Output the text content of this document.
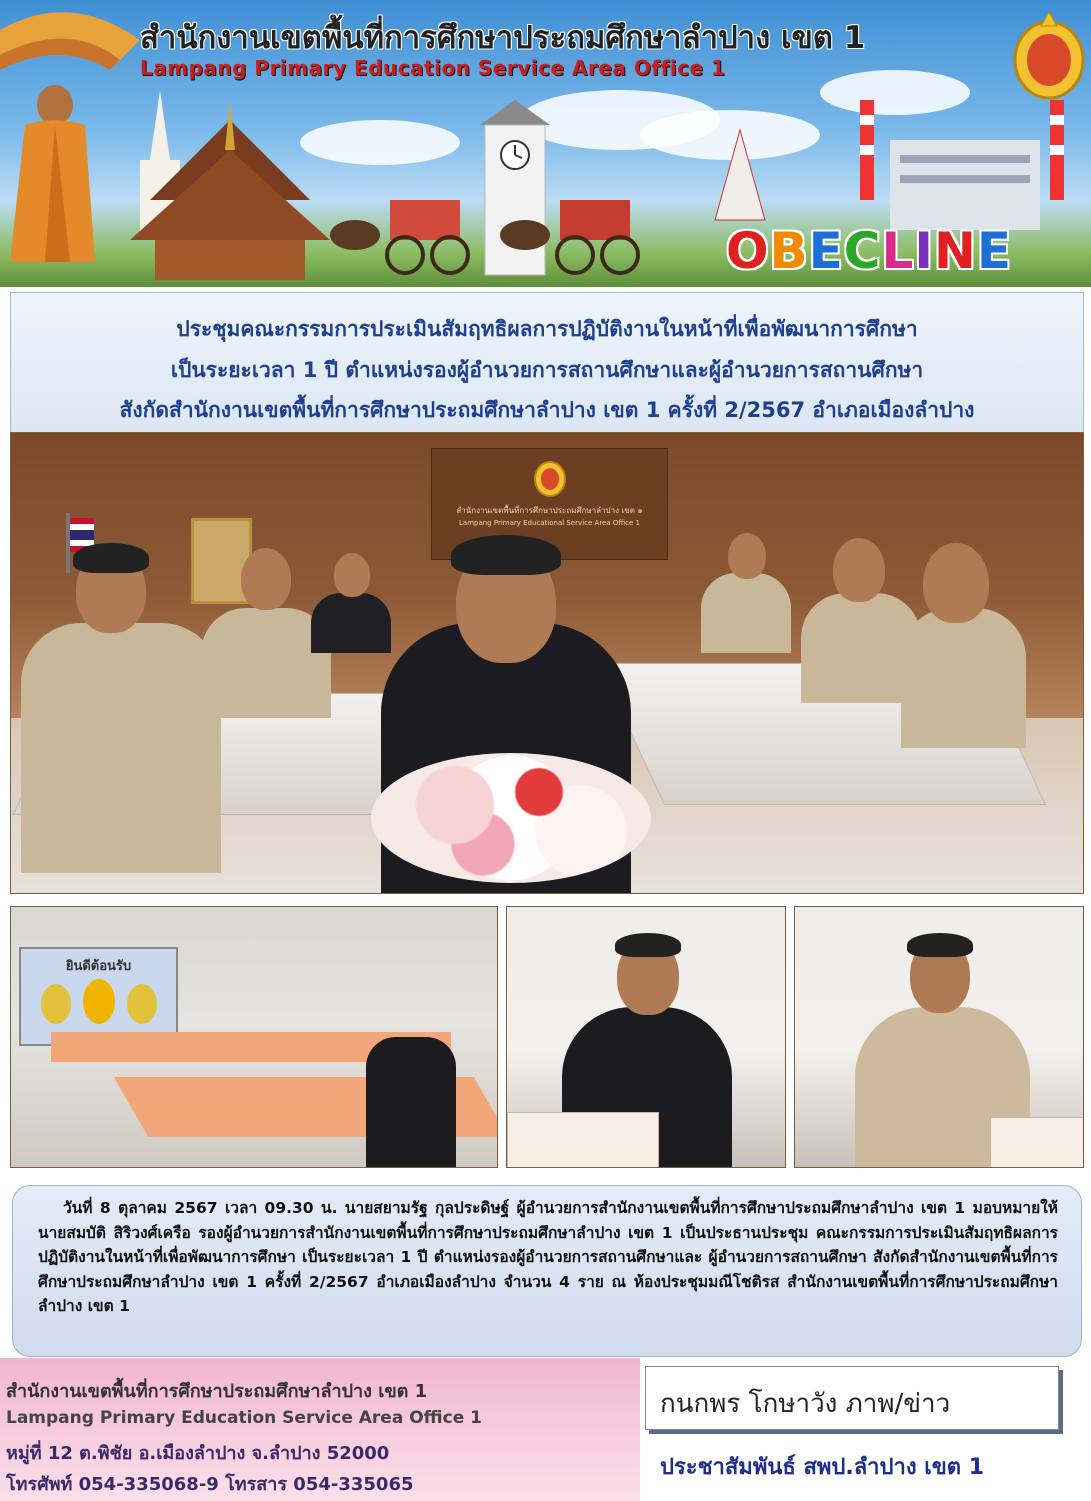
สำนักงานเขตพื้นที่การศึกษาประถมศึกษาลำปาง เขต 1
Lampang Primary Education Service Area Office 1
OBECLINE
ประชุมคณะกรรมการประเมินสัมฤทธิผลการปฏิบัติงานในหน้าที่เพื่อพัฒนาการศึกษา
เป็นระยะเวลา 1 ปี ตำแหน่งรองผู้อำนวยการสถานศึกษาและผู้อำนวยการสถานศึกษา
สังกัดสำนักงานเขตพื้นที่การศึกษาประถมศึกษาลำปาง เขต 1 ครั้งที่ 2/2567 อำเภอเมืองลำปาง
สำนักงานเขตพื้นที่การศึกษาประถมศึกษาลำปาง เขต ๑
Lampang Primary Educational Service Area Office 1
ยินดีต้อนรับ
วันที่ 8 ตุลาคม 2567 เวลา 09.30 น. นายสยามรัฐ กุลประดิษฐ์ ผู้อำนวยการสำนักงานเขตพื้นที่การศึกษาประถมศึกษาลำปาง เขต 1 มอบหมายให้ นายสมบัติ สิริวงศ์เครือ รองผู้อำนวยการสำนักงานเขตพื้นที่การศึกษาประถมศึกษาลำปาง เขต 1 เป็นประธานประชุม คณะกรรมการประเมินสัมฤทธิผลการปฏิบัติงานในหน้าที่เพื่อพัฒนาการศึกษา เป็นระยะเวลา 1 ปี ตำแหน่งรองผู้อำนวยการสถานศึกษาและ ผู้อำนวยการสถานศึกษา สังกัดสำนักงานเขตพื้นที่การศึกษาประถมศึกษาลำปาง เขต 1 ครั้งที่ 2/2567 อำเภอเมืองลำปาง จำนวน 4 ราย ณ ห้องประชุมมณีโชติรส สำนักงานเขตพื้นที่การศึกษาประถมศึกษาลำปาง เขต 1
สำนักงานเขตพื้นที่การศึกษาประถมศึกษาลำปาง เขต 1
Lampang Primary Education Service Area Office 1
หมู่ที่ 12 ต.พิชัย อ.เมืองลำปาง จ.ลำปาง 52000
โทรศัพท์ 054-335068-9 โทรสาร 054-335065
กนกพร โกษาวัง ภาพ/ข่าว
ประชาสัมพันธ์ สพป.ลำปาง เขต 1
